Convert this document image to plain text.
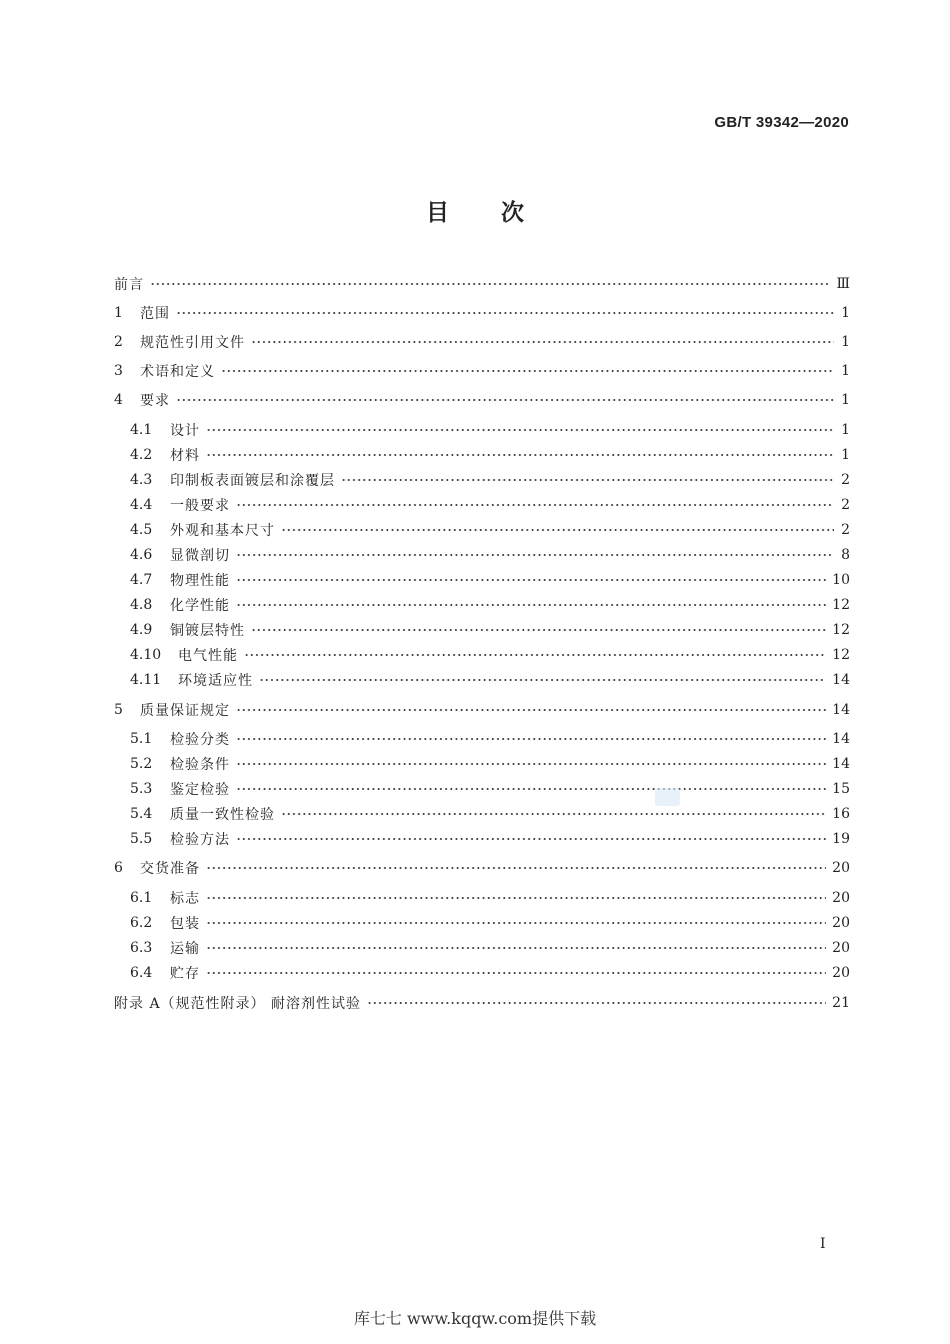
GB/T 39342—2020
目次
前言	Ⅲ
1	范围	1
2	规范性引用文件	1
3	术语和定义	1
4	要求	1
4.1	设计	1
4.2	材料	1
4.3	印制板表面镀层和涂覆层	2
4.4	一般要求	2
4.5	外观和基本尺寸	2
4.6	显微剖切	8
4.7	物理性能	10
4.8	化学性能	12
4.9	铜镀层特性	12
4.10	电气性能	12
4.11	环境适应性	14
5	质量保证规定	14
5.1	检验分类	14
5.2	检验条件	14
5.3	鉴定检验	15
5.4	质量一致性检验	16
5.5	检验方法	19
6	交货准备	20
6.1	标志	20
6.2	包装	20
6.3	运输	20
6.4	贮存	20
附录 A（规范性附录） 耐溶剂性试验	21
I
库七七 www.kqqw.com提供下载
